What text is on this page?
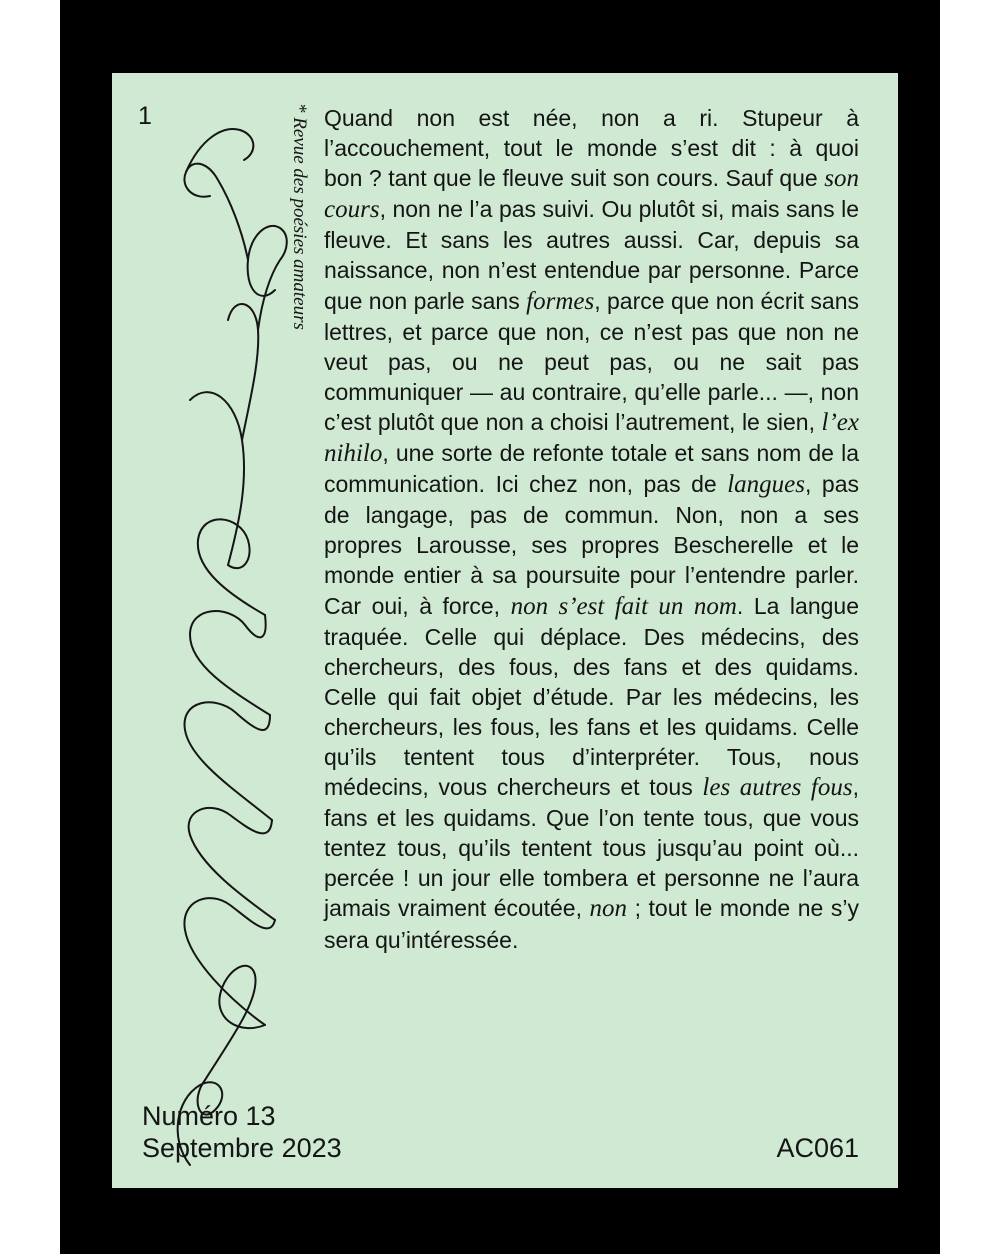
1	* Revue des poésies amateurs Quand non est née, non a ri. Stupeur à l’accouchement, tout le monde s’est dit : à quoi bon ? tant que le fleuve suit son cours. Sauf que son cours, non ne l’a pas suivi. Ou plutôt si, mais sans le fleuve. Et sans les autres aussi. Car, depuis sa naissance, non n’est entendue par personne. Parce que non parle sans formes, parce que non écrit sans lettres, et parce que non, ce n’est pas que non ne veut pas, ou ne peut pas, ou ne sait pas communiquer — au contraire, qu’elle parle... —, non c’est plutôt que non a choisi l’autrement, le sien, l’ex nihilo, une sorte de refonte totale et sans nom de la communication. Ici chez non, pas de langues, pas de langage, pas de commun. Non, non a ses propres Larousse, ses propres Bescherelle et le monde entier à sa poursuite pour l’entendre parler. Car oui, à force, non s’est fait un nom. La langue traquée. Celle qui déplace. Des médecins, des chercheurs, des fous, des fans et des quidams. Celle qui fait objet d’étude. Par les médecins, les chercheurs, les fous, les fans et les quidams. Celle qu’ils tentent tous d’interpréter. Tous, nous médecins, vous chercheurs et tous les autres fous, fans et les quidams. Que l’on tente tous, que vous tentez tous, qu’ils tentent tous jusqu’au point où... percée ! un jour elle tombera et personne ne l’aura jamais vraiment écoutée, non ; tout le monde ne s’y sera qu’intéressée.
Numéro 13
Septembre 2023	AC061
